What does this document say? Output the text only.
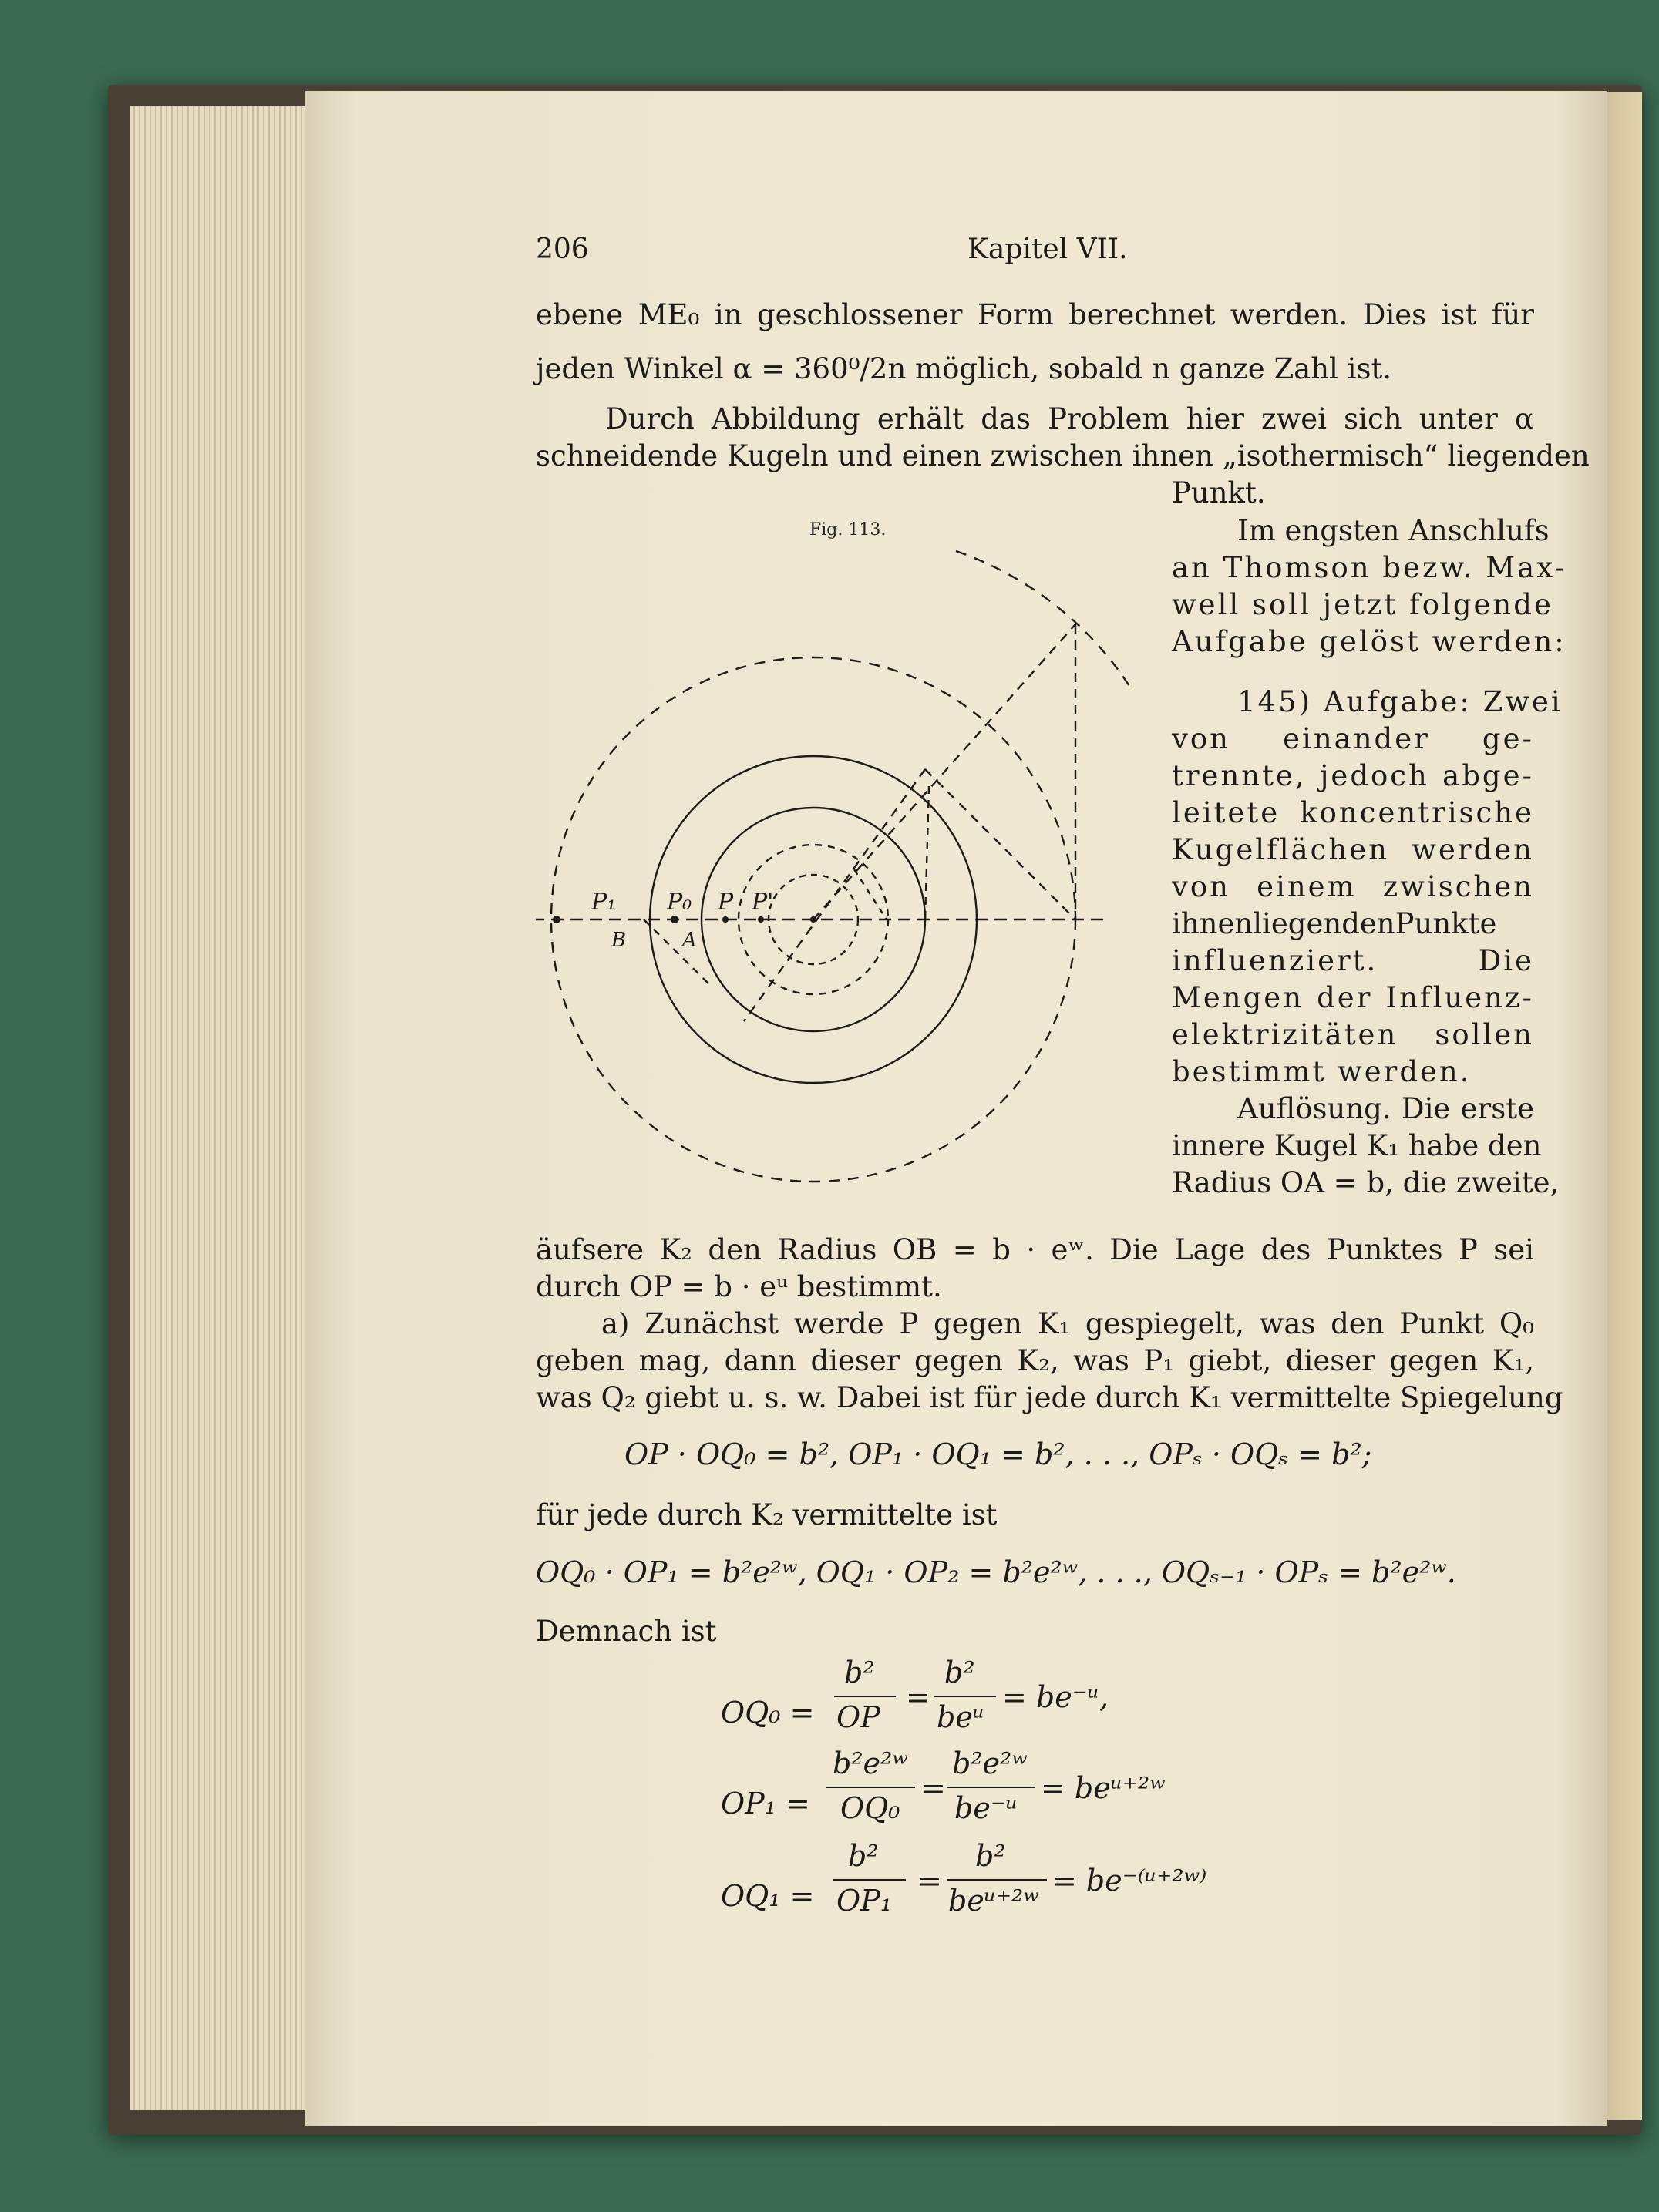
206	Kapitel VII.
ebene ME₀ in geschlossener Form berechnet werden. Dies ist für
jeden Winkel α = 360⁰/2n möglich, sobald n ganze Zahl ist.
Durch Abbildung erhält das Problem hier zwei sich unter α
schneidende Kugeln und einen zwischen ihnen „isothermisch“ liegenden
Punkt.
Fig. 113.
P₁ P₀ P P'
B	A
Im engsten Anschlufs
an Thomson bezw. Max-
well soll jetzt folgende
Aufgabe gelöst werden:
145) Aufgabe: Zwei
von einander ge-
trennte, jedoch abge-
leitete koncentrische
Kugelflächen werden
von einem zwischen
ihnenliegendenPunkte
influenziert. Die
Mengen der Influenz-
elektrizitäten sollen
bestimmt werden.
Auflösung. Die erste
innere Kugel K₁ habe den
Radius OA = b, die zweite,
äufsere K₂ den Radius OB = b · eʷ. Die Lage des Punktes P sei
durch OP = b · eᵘ bestimmt.
a) Zunächst werde P gegen K₁ gespiegelt, was den Punkt Q₀
geben mag, dann dieser gegen K₂, was P₁ giebt, dieser gegen K₁,
was Q₂ giebt u. s. w. Dabei ist für jede durch K₁ vermittelte Spiegelung
OP · OQ₀ = b², OP₁ · OQ₁ = b², . . ., OPₛ · OQₛ = b²;
für jede durch K₂ vermittelte ist
OQ₀ · OP₁ = b²e²ʷ, OQ₁ · OP₂ = b²e²ʷ, . . ., OQₛ₋₁ · OPₛ = b²e²ʷ.
Demnach ist
OQ₀ =
b²
OP
=
b²
beᵘ
= be⁻ᵘ,
OP₁ =
b²e²ʷ
OQ₀
=
b²e²ʷ
be⁻ᵘ
= beᵘ⁺²ʷ
OQ₁ =
b²
OP₁
=
b²
beᵘ⁺²ʷ
= be⁻⁽ᵘ⁺²ʷ⁾
